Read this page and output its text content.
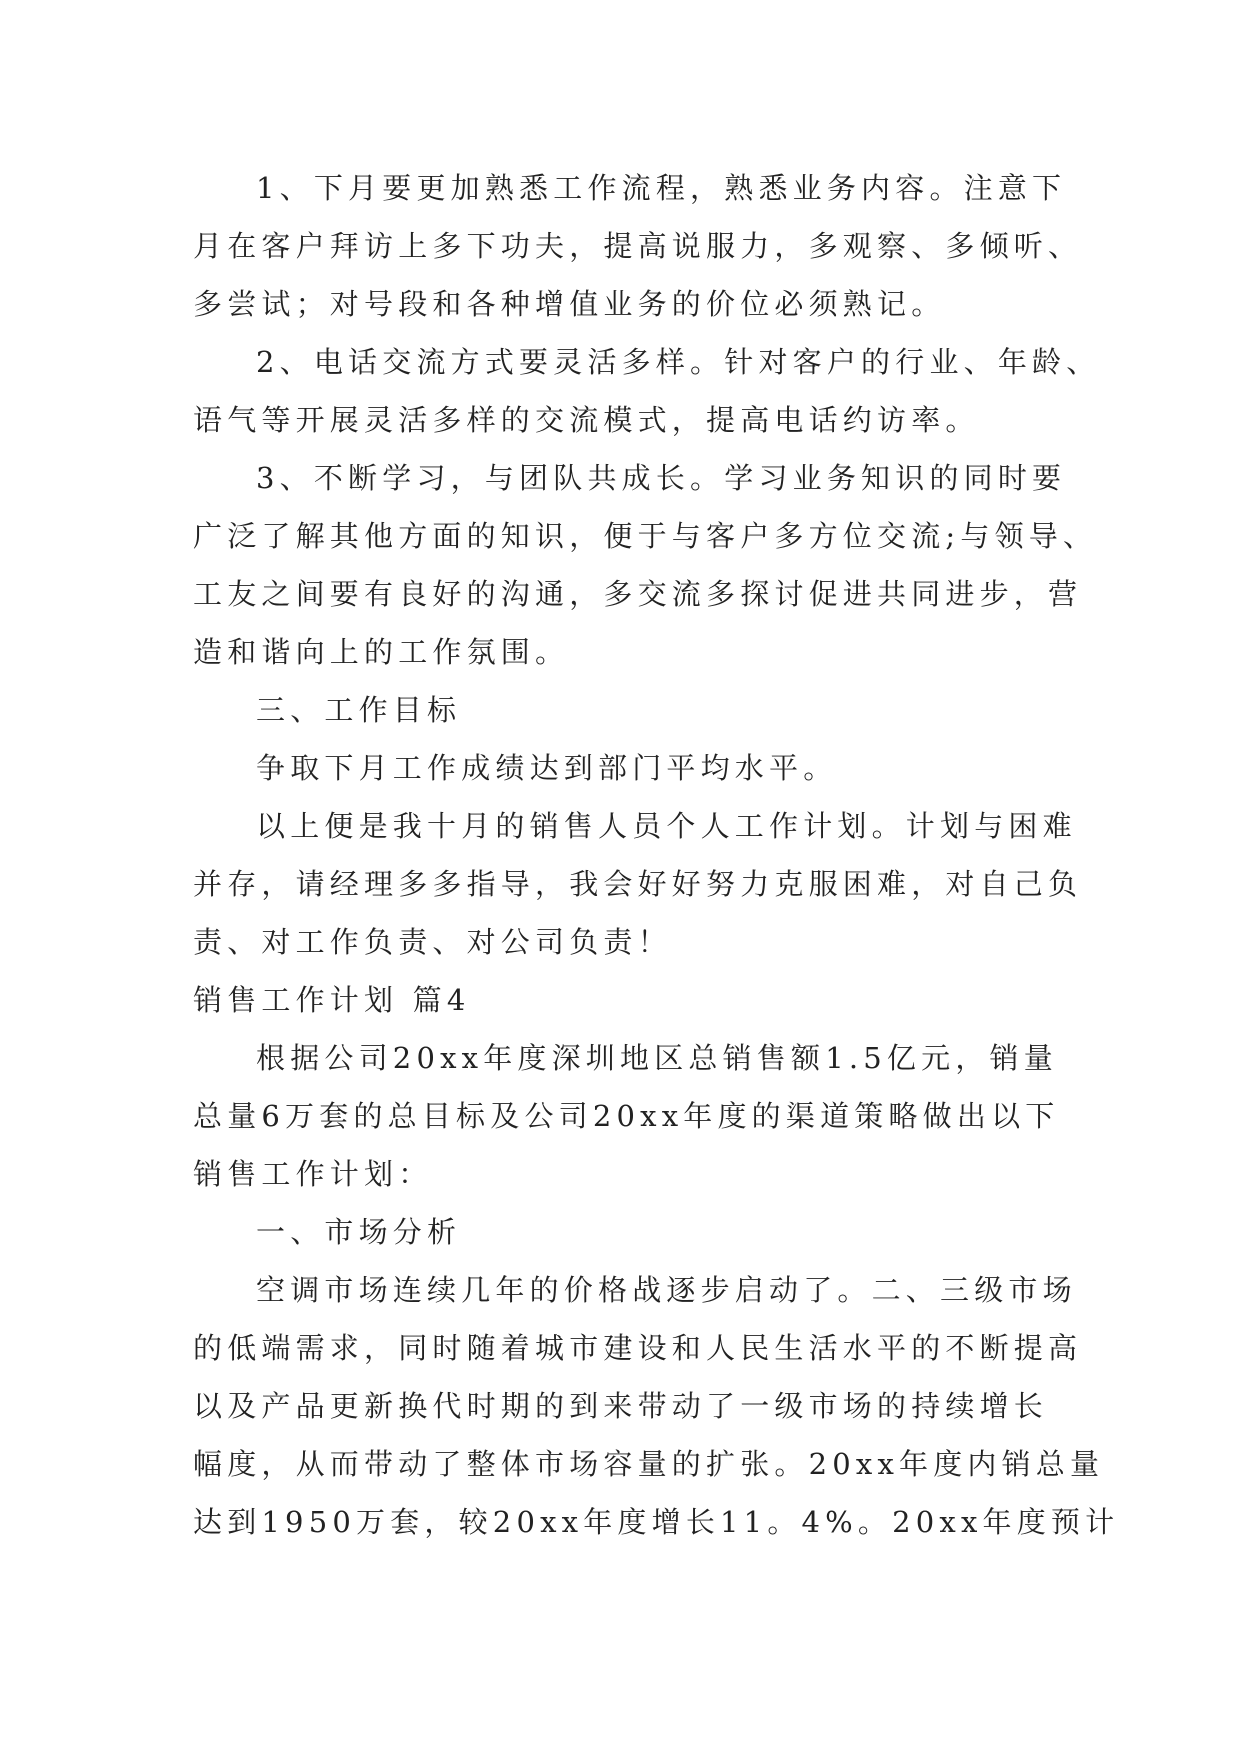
1、下月要更加熟悉工作流程，熟悉业务内容。注意下
月在客户拜访上多下功夫，提高说服力，多观察、多倾听、
多尝试；对号段和各种增值业务的价位必须熟记。
2、电话交流方式要灵活多样。针对客户的行业、年龄、
语气等开展灵活多样的交流模式，提高电话约访率。
3、不断学习，与团队共成长。学习业务知识的同时要
广泛了解其他方面的知识，便于与客户多方位交流;与领导、
工友之间要有良好的沟通，多交流多探讨促进共同进步，营
造和谐向上的工作氛围。
三、工作目标
争取下月工作成绩达到部门平均水平。
以上便是我十月的销售人员个人工作计划。计划与困难
并存，请经理多多指导，我会好好努力克服困难，对自己负
责、对工作负责、对公司负责！
销售工作计划 篇4
根据公司20xx年度深圳地区总销售额1.5亿元，销量
总量6万套的总目标及公司20xx年度的渠道策略做出以下
销售工作计划：
一、市场分析
空调市场连续几年的价格战逐步启动了。二、三级市场
的低端需求，同时随着城市建设和人民生活水平的不断提高
以及产品更新换代时期的到来带动了一级市场的持续增长
幅度，从而带动了整体市场容量的扩张。20xx年度内销总量
达到1950万套，较20xx年度增长11。4%。20xx年度预计
